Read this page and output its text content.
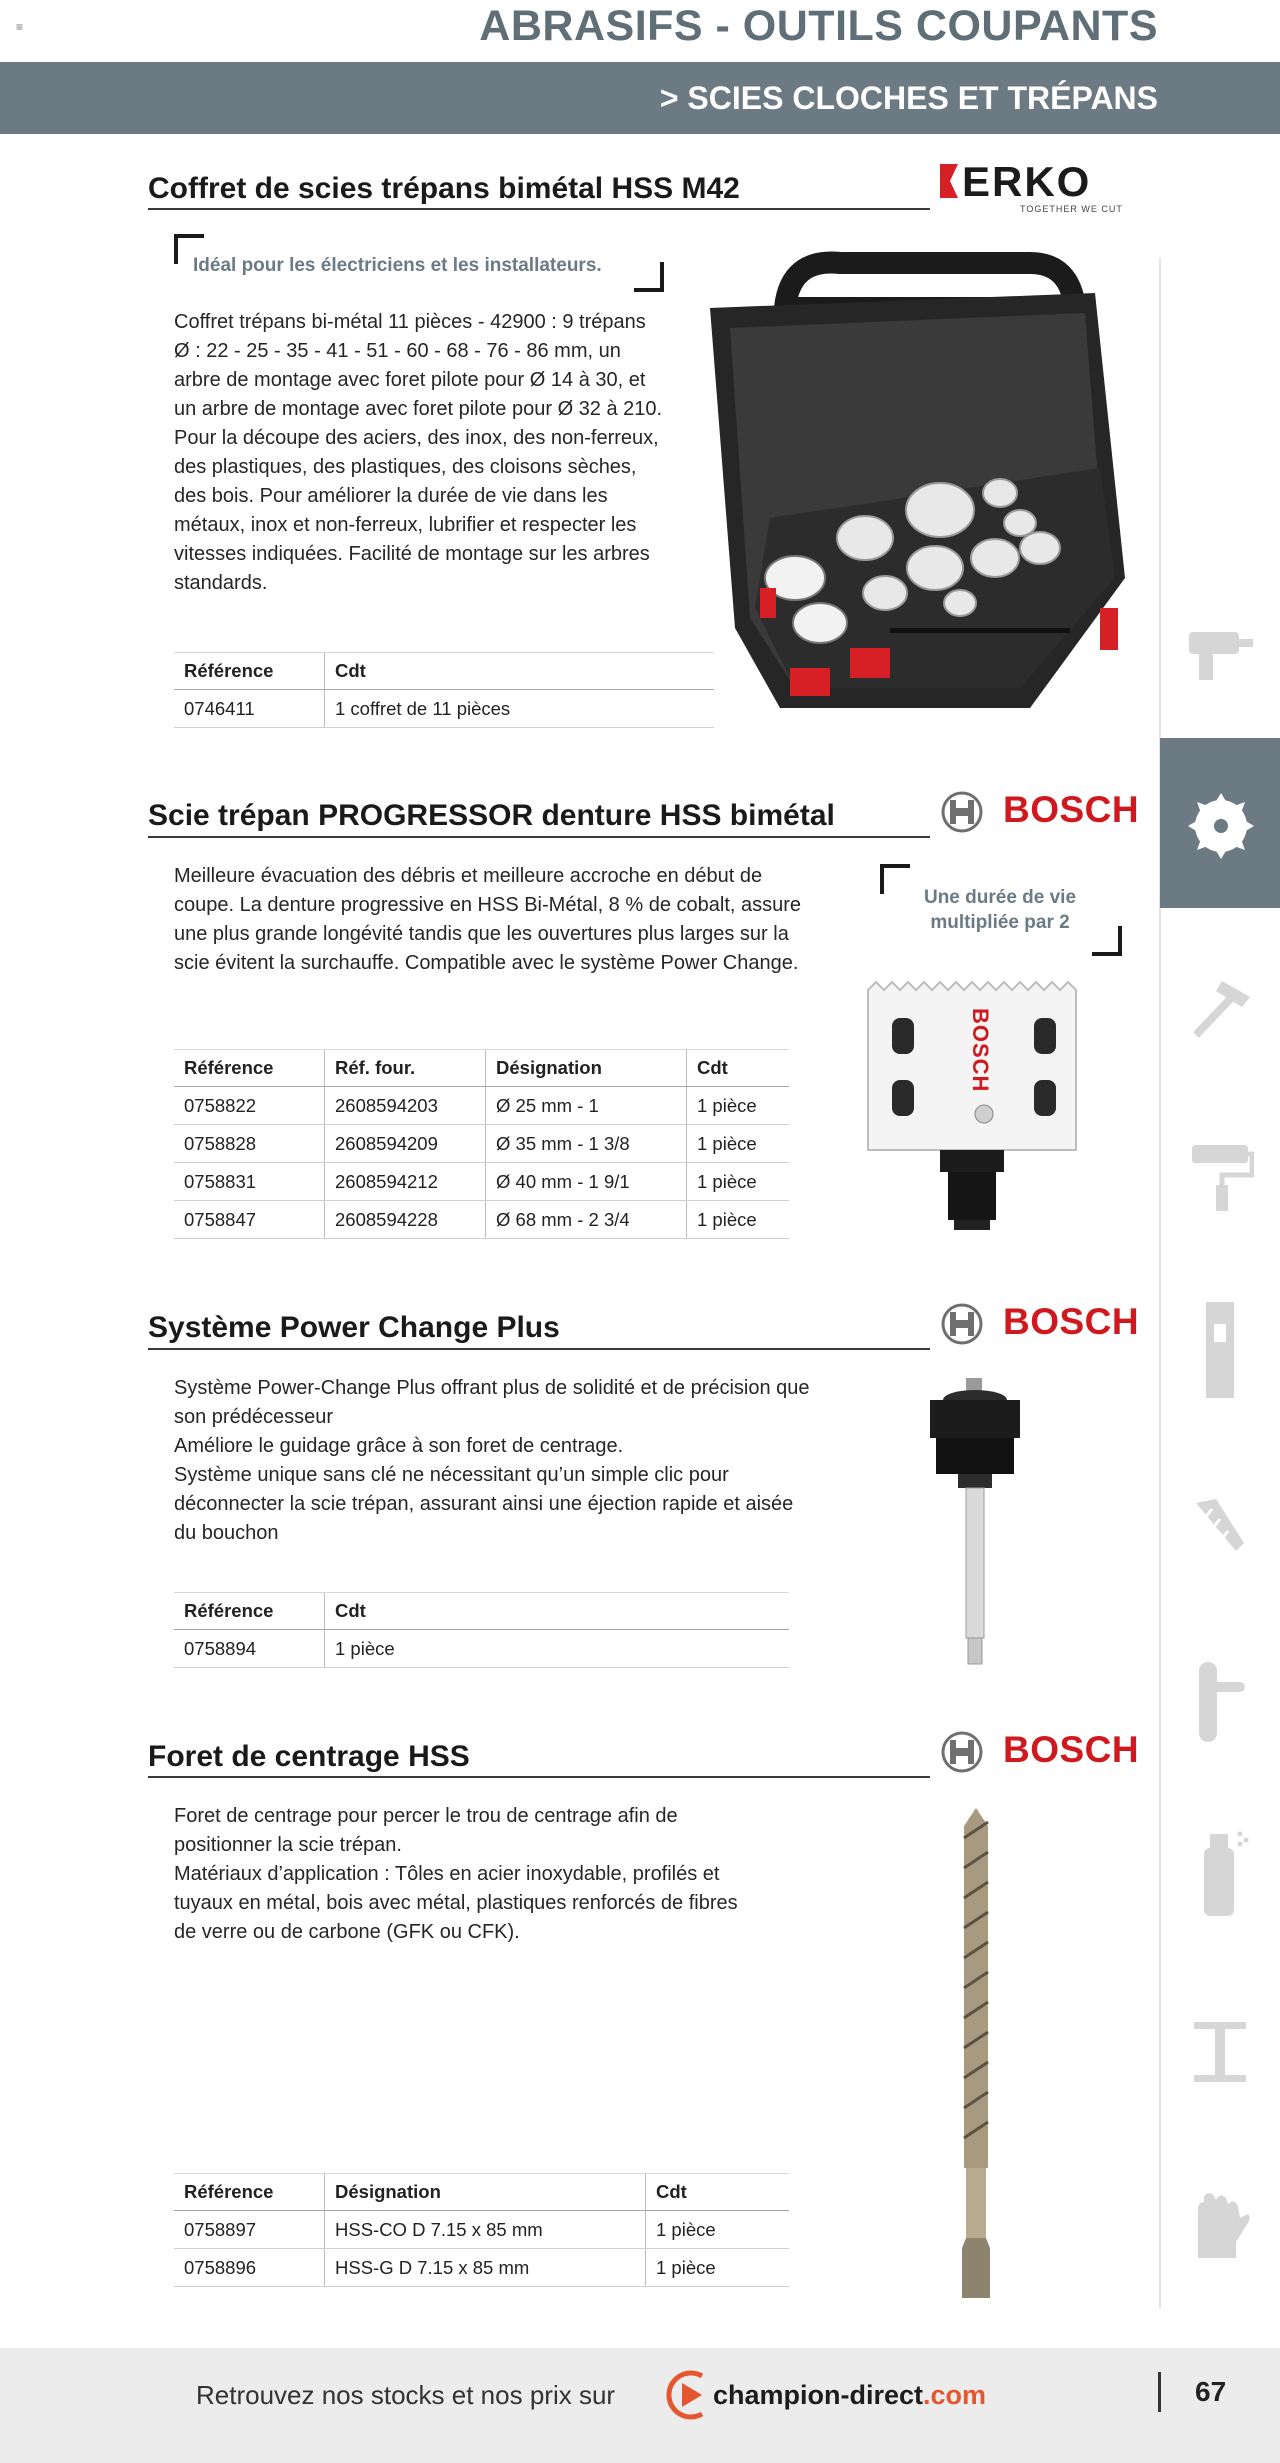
≡	ABRASIFS - OUTILS COUPANTS
> SCIES CLOCHES ET TRÉPANS
Coffret de scies trépans bimétal HSS M42	ERKO
TOGETHER WE CUT
Idéal pour les électriciens et les installateurs.
Coffret trépans bi-métal 11 pièces - 42900 : 9 trépans
Ø : 22 - 25 - 35 - 41 - 51 - 60 - 68 - 76 - 86 mm, un
arbre de montage avec foret pilote pour Ø 14 à 30, et
un arbre de montage avec foret pilote pour Ø 32 à 210.
Pour la découpe des aciers, des inox, des non-ferreux,
des plastiques, des plastiques, des cloisons sèches,
des bois. Pour améliorer la durée de vie dans les
métaux, inox et non-ferreux, lubrifier et respecter les
vitesses indiquées. Facilité de montage sur les arbres
standards.
Référence	Cdt
0746411	1 coffret de 11 pièces
Scie trépan PROGRESSOR denture HSS bimétal	BOSCH
Meilleure évacuation des débris et meilleure accroche en début de
coupe. La denture progressive en HSS Bi-Métal, 8 % de cobalt, assure
une plus grande longévité tandis que les ouvertures plus larges sur la
scie évitent la surchauffe. Compatible avec le système Power Change.
Une durée de vie
multipliée par 2
Référence	Réf. four.	Désignation	Cdt
0758822	2608594203	Ø 25 mm - 1	1 pièce
0758828	2608594209	Ø 35 mm - 1 3/8	1 pièce
0758831	2608594212	Ø 40 mm - 1 9/1	1 pièce
0758847	2608594228	Ø 68 mm - 2 3/4	1 pièce
BOSCH
Système Power Change Plus	BOSCH
Système Power-Change Plus offrant plus de solidité et de précision que
son prédécesseur
Améliore le guidage grâce à son foret de centrage.
Système unique sans clé ne nécessitant qu’un simple clic pour
déconnecter la scie trépan, assurant ainsi une éjection rapide et aisée
du bouchon
Référence	Cdt
0758894	1 pièce
Foret de centrage HSS	BOSCH
Foret de centrage pour percer le trou de centrage afin de
positionner la scie trépan.
Matériaux d’application : Tôles en acier inoxydable, profilés et
tuyaux en métal, bois avec métal, plastiques renforcés de fibres
de verre ou de carbone (GFK ou CFK).
Référence	Désignation	Cdt
0758897	HSS-CO D 7.15 x 85 mm	1 pièce
0758896	HSS-G D 7.15 x 85 mm	1 pièce
Retrouvez nos stocks et nos prix sur	champion-direct.com	67
